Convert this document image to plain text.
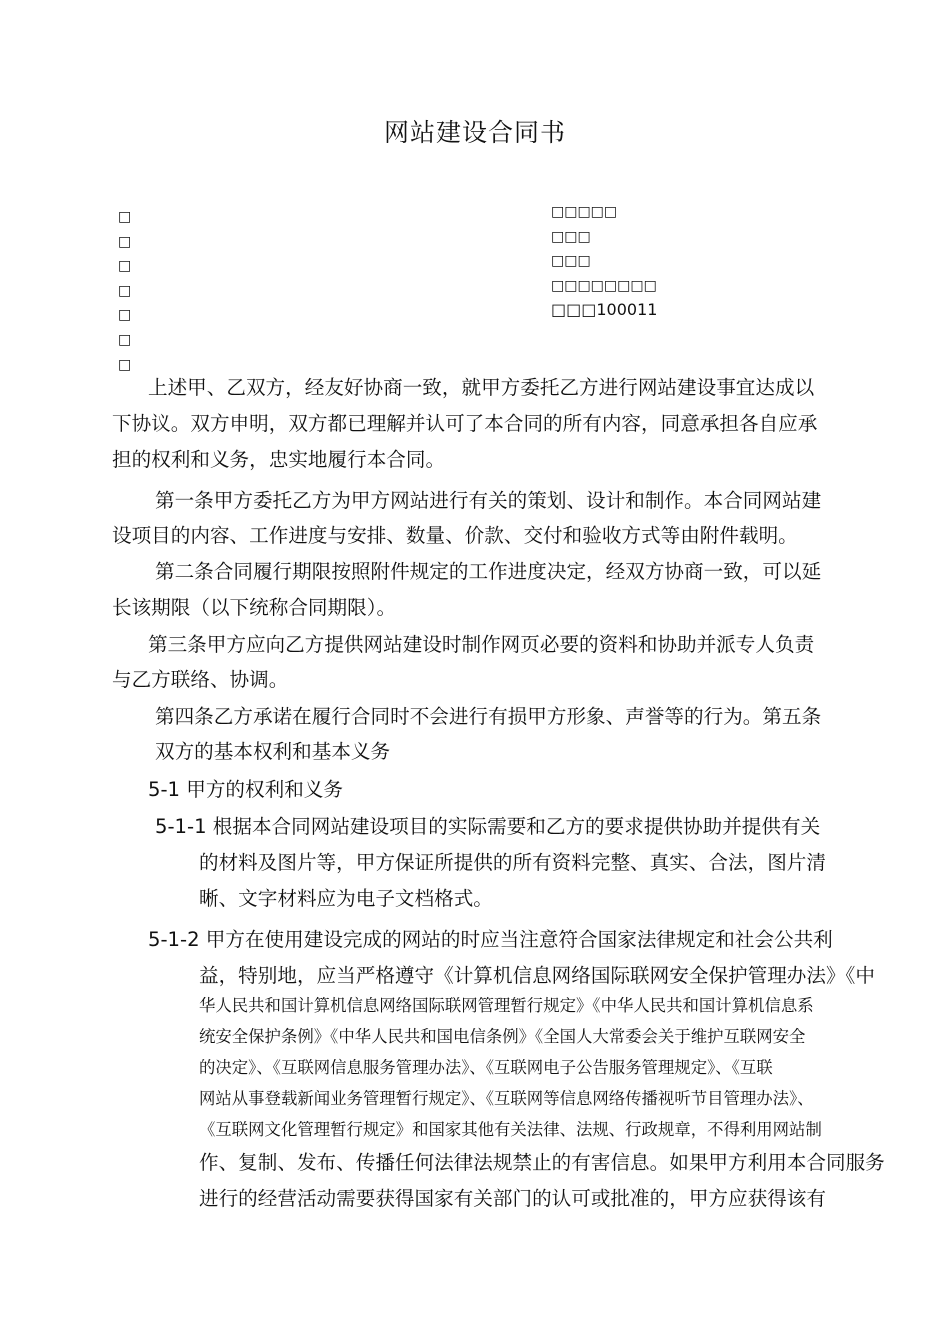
网站建设合同书
□
□
□
□
□
□
□
□□□□□
□□□
□□□
□□□□□□□□
□□□100011
上述甲、乙双方，经友好协商一致，就甲方委托乙方进行网站建设事宜达成以
下协议。双方申明，双方都已理解并认可了本合同的所有内容，同意承担各自应承
担的权利和义务，忠实地履行本合同。
第一条甲方委托乙方为甲方网站进行有关的策划、设计和制作。本合同网站建
设项目的内容、工作进度与安排、数量、价款、交付和验收方式等由附件载明。
第二条合同履行期限按照附件规定的工作进度决定，经双方协商一致，可以延
长该期限（以下统称合同期限）。
第三条甲方应向乙方提供网站建设时制作网页必要的资料和协助并派专人负责
与乙方联络、协调。
第四条乙方承诺在履行合同时不会进行有损甲方形象、声誉等的行为。第五条
双方的基本权利和基本义务
5-1 甲方的权利和义务
5-1-1 根据本合同网站建设项目的实际需要和乙方的要求提供协助并提供有关
的材料及图片等，甲方保证所提供的所有资料完整、真实、合法，图片清
晰、文字材料应为电子文档格式。
5-1-2 甲方在使用建设完成的网站的时应当注意符合国家法律规定和社会公共利
益，特别地，应当严格遵守《计算机信息网络国际联网安全保护管理办法》《中
华人民共和国计算机信息网络国际联网管理暂行规定》《中华人民共和国计算机信息系
统安全保护条例》《中华人民共和国电信条例》《全国人大常委会关于维护互联网安全
的决定》、《互联网信息服务管理办法》、《互联网电子公告服务管理规定》、《互联
网站从事登载新闻业务管理暂行规定》、《互联网等信息网络传播视听节目管理办法》、
《互联网文化管理暂行规定》和国家其他有关法律、法规、行政规章，不得利用网站制
作、复制、发布、传播任何法律法规禁止的有害信息。如果甲方利用本合同服务
进行的经营活动需要获得国家有关部门的认可或批准的，甲方应获得该有
